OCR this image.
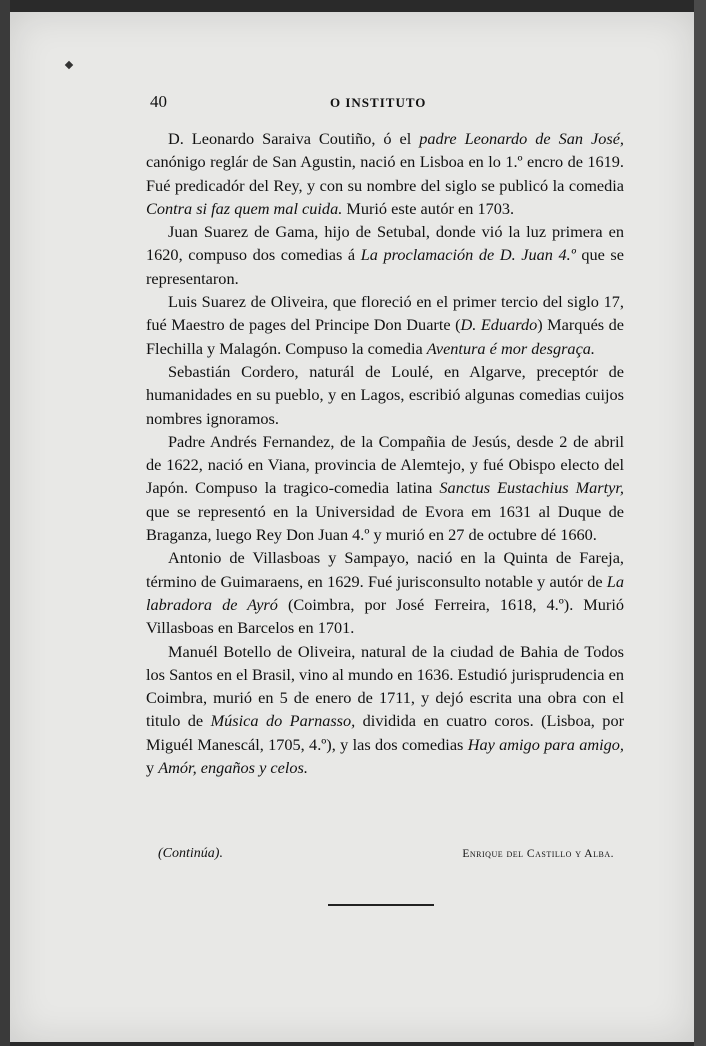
40	O INSTITUTO

D. Leonardo Saraiva Coutiño, ó el padre Leonardo de San José, canónigo reglár de San Agustin, nació en Lisboa en lo 1.º encro de 1619. Fué predicadór del Rey, y con su nombre del siglo se publicó la comedia Contra si faz quem mal cuida. Murió este autór en 1703.

Juan Suarez de Gama, hijo de Setubal, donde vió la luz primera en 1620, compuso dos comedias á La proclamación de D. Juan 4.º que se representaron.

Luis Suarez de Oliveira, que floreció en el primer tercio del siglo 17, fué Maestro de pages del Principe Don Duarte (D. Eduardo) Marqués de Flechilla y Malagón. Compuso la comedia Aventura é mor desgraça.

Sebastián Cordero, naturál de Loulé, en Algarve, preceptór de humanidades en su pueblo, y en Lagos, escribió algunas comedias cuijos nombres ignoramos.

Padre Andrés Fernandez, de la Compañia de Jesús, desde 2 de abril de 1622, nació en Viana, provincia de Alemtejo, y fué Obispo electo del Japón. Compuso la tragico-comedia latina Sanctus Eustachius Martyr, que se representó en la Universidad de Evora em 1631 al Duque de Braganza, luego Rey Don Juan 4.º y murió en 27 de octubre dé 1660.

Antonio de Villasboas y Sampayo, nació en la Quinta de Fareja, término de Guimaraens, en 1629. Fué jurisconsulto notable y autór de La labradora de Ayró (Coimbra, por José Ferreira, 1618, 4.º). Murió Villasboas en Barcelos en 1701.

Manuél Botello de Oliveira, natural de la ciudad de Bahia de Todos los Santos en el Brasil, vino al mundo en 1636. Estudió jurisprudencia en Coimbra, murió en 5 de enero de 1711, y dejó escrita una obra con el titulo de Música do Parnasso, dividida en cuatro coros. (Lisboa, por Miguél Manescál, 1705, 4.º), y las dos comedias Hay amigo para amigo, y Amór, engaños y celos.

(Continúa).	Enrique del Castillo y Alba.
